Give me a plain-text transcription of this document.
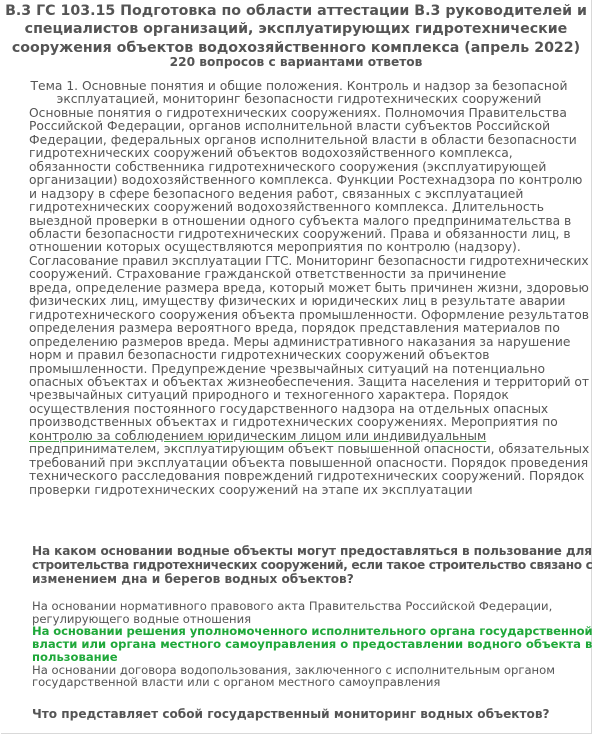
В.3 ГС 103.15 Подготовка по области аттестации В.3 руководителей и
специалистов организаций, эксплуатирующих гидротехнические
сооружения объектов водохозяйственного комплекса (апрель 2022)
220 вопросов с вариантами ответов
Тема 1. Основные понятия и общие положения. Контроль и надзор за безопасной
эксплуатацией, мониторинг безопасности гидротехнических сооружений
Основные понятия о гидротехнических сооружениях. Полномочия Правительства
Российской Федерации, органов исполнительной власти субъектов Российской
Федерации, федеральных органов исполнительной власти в области безопасности
гидротехнических сооружений объектов водохозяйственного комплекса,
обязанности собственника гидротехнического сооружения (эксплуатирующей
организации) водохозяйственного комплекса. Функции Ростехнадзора по контролю
и надзору в сфере безопасного ведения работ, связанных с эксплуатацией
гидротехнических сооружений водохозяйственного комплекса. Длительность
выездной проверки в отношении одного субъекта малого предпринимательства в
области безопасности гидротехнических сооружений. Права и обязанности лиц, в
отношении которых осуществляются мероприятия по контролю (надзору).
Согласование правил эксплуатации ГТС. Мониторинг безопасности гидротехнических
сооружений. Страхование гражданской ответственности за причинение
вреда, определение размера вреда, который может быть причинен жизни, здоровью
физических лиц, имуществу физических и юридических лиц в результате аварии
гидротехнического сооружения объекта промышленности. Оформление результатов
определения размера вероятного вреда, порядок представления материалов по
определению размеров вреда. Меры административного наказания за нарушение
норм и правил безопасности гидротехнических сооружений объектов
промышленности. Предупреждение чрезвычайных ситуаций на потенциально
опасных объектах и объектах жизнеобеспечения. Защита населения и территорий от
чрезвычайных ситуаций природного и техногенного характера. Порядок
осуществления постоянного государственного надзора на отдельных опасных
производственных объектах и гидротехнических сооружениях. Мероприятия по
контролю за соблюдением юридическим лицом или индивидуальным
предпринимателем, эксплуатирующим объект повышенной опасности, обязательных
требований при эксплуатации объекта повышенной опасности. Порядок проведения
технического расследования повреждений гидротехнических сооружений. Порядок
проверки гидротехнических сооружений на этапе их эксплуатации
На каком основании водные объекты могут предоставляться в пользование для
строительства гидротехнических сооружений, если такое строительство связано с
изменением дна и берегов водных объектов?
На основании нормативного правового акта Правительства Российской Федерации,
регулирующего водные отношения
На основании решения уполномоченного исполнительного органа государственной
власти или органа местного самоуправления о предоставлении водного объекта в
пользование
На основании договора водопользования, заключенного с исполнительным органом
государственной власти или с органом местного самоуправления
Что представляет собой государственный мониторинг водных объектов?
